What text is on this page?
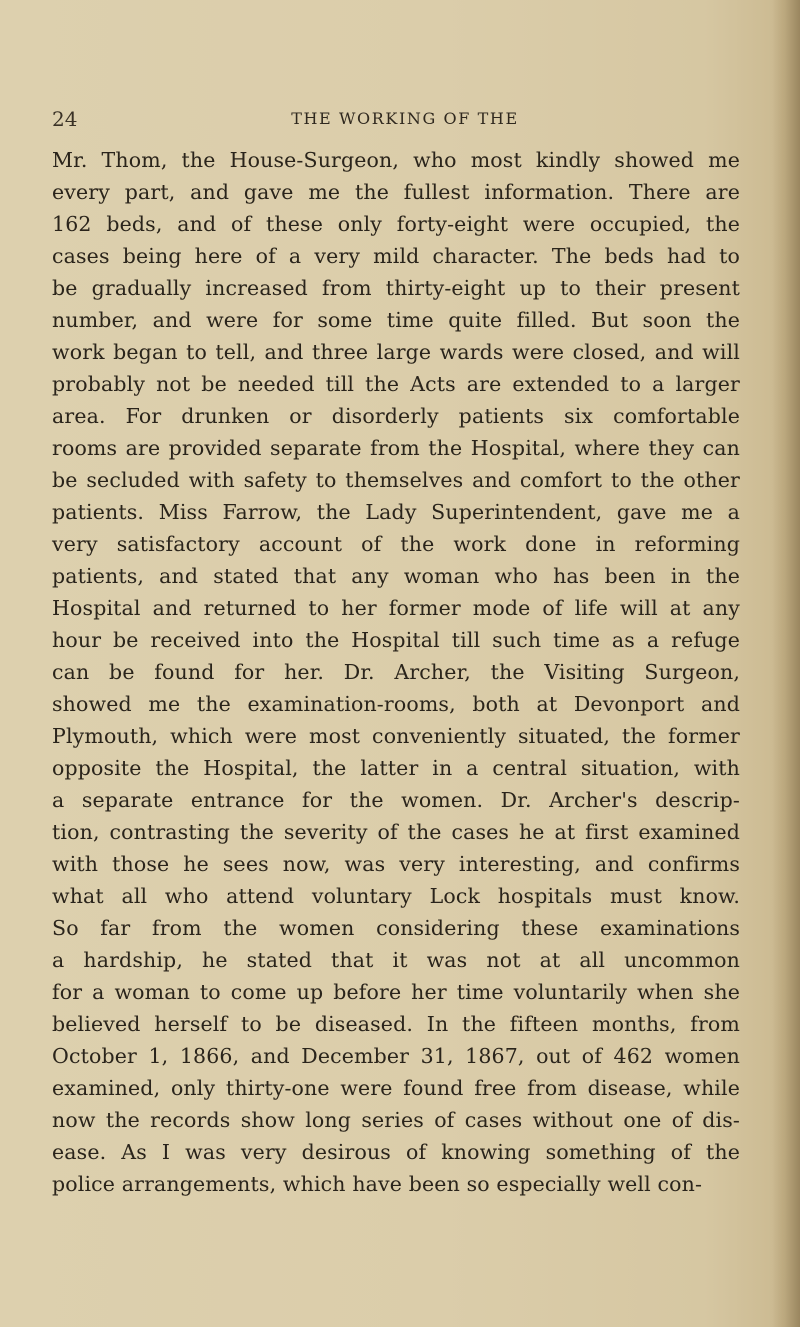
24	THE WORKING OF THE
Mr. Thom, the House-Surgeon, who most kindly showed me
every part, and gave me the fullest information. There are
162 beds, and of these only forty-eight were occupied, the
cases being here of a very mild character. The beds had to
be gradually increased from thirty-eight up to their present
number, and were for some time quite filled. But soon the
work began to tell, and three large wards were closed, and will
probably not be needed till the Acts are extended to a larger
area. For drunken or disorderly patients six comfortable
rooms are provided separate from the Hospital, where they can
be secluded with safety to themselves and comfort to the other
patients. Miss Farrow, the Lady Superintendent, gave me a
very satisfactory account of the work done in reforming
patients, and stated that any woman who has been in the
Hospital and returned to her former mode of life will at any
hour be received into the Hospital till such time as a refuge
can be found for her. Dr. Archer, the Visiting Surgeon,
showed me the examination-rooms, both at Devonport and
Plymouth, which were most conveniently situated, the former
opposite the Hospital, the latter in a central situation, with
a separate entrance for the women. Dr. Archer's descrip-
tion, contrasting the severity of the cases he at first examined
with those he sees now, was very interesting, and confirms
what all who attend voluntary Lock hospitals must know.
So far from the women considering these examinations
a hardship, he stated that it was not at all uncommon
for a woman to come up before her time voluntarily when she
believed herself to be diseased. In the fifteen months, from
October 1, 1866, and December 31, 1867, out of 462 women
examined, only thirty-one were found free from disease, while
now the records show long series of cases without one of dis-
ease. As I was very desirous of knowing something of the
police arrangements, which have been so especially well con-
